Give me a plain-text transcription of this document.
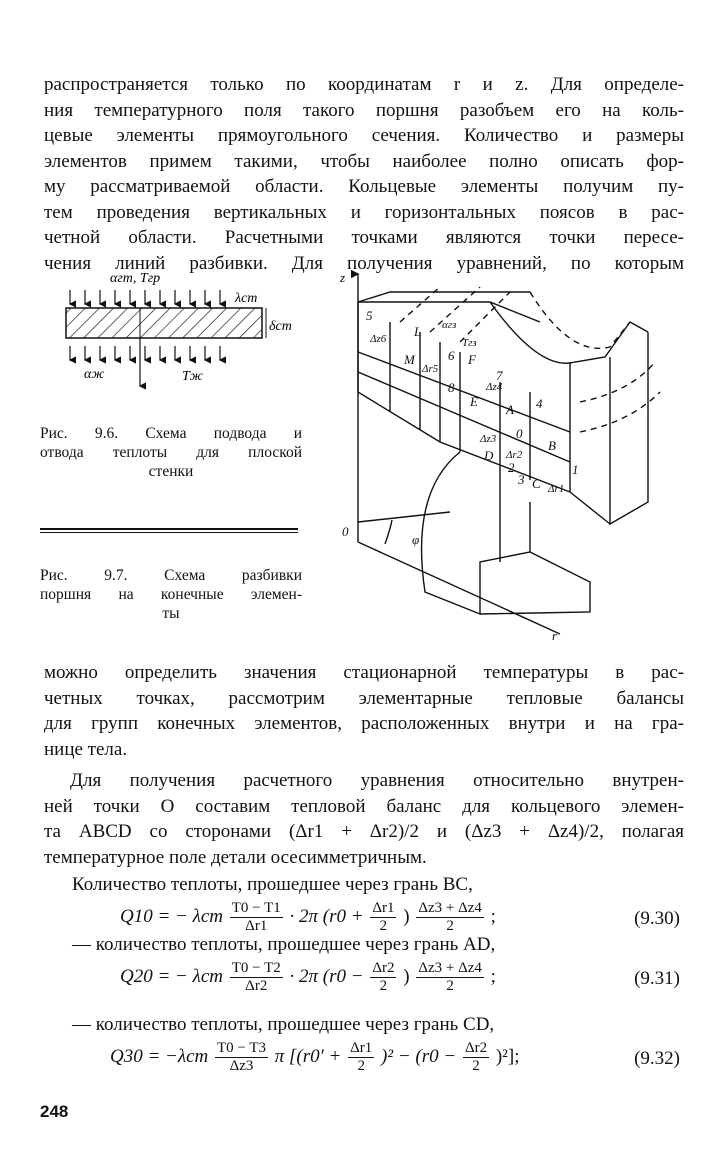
распространяется только по координатам r и z. Для определе-
ния температурного поля такого поршня разобъем его на коль-
цевые элементы прямоугольного сечения. Количество и размеры
элементов примем такими, чтобы наиболее полно описать фор-
му рассматриваемой области. Кольцевые элементы получим пу-
тем проведения вертикальных и горизонтальных поясов в рас-
четной области. Расчетными точками являются точки пересе-
чения линий разбивки. Для получения уравнений, по которым
αгm, Tгр
λcm
δcm
αж	Tж
Рис. 9.6. Схема подвода и
отвода теплоты для плоской
стенки
Рис. 9.7. Схема разбивки
поршня на конечные элемен-
ты
z
r
0
φ
5
L
M	6 F
7
8
E
A 4
B
0
D
2
C
3
1
Δz6
Δr5
Δz4
Δz3
Δr2
Δr1
αгз
Tгз
можно определить значения стационарной температуры в рас-
четных точках, рассмотрим элементарные тепловые балансы
для групп конечных элементов, расположенных внутри и на гра-
нице тела.
Для получения расчетного уравнения относительно внутрен-
ней точки O составим тепловой баланс для кольцевого элемен-
та ABCD со сторонами (Δr1 + Δr2)/2 и (Δz3 + Δz4)/2, полагая
температурное поле детали осесимметричным.
Количество теплоты, прошедшее через грань BC,
Q10 = − λст $\frac{T0 - T1}{\Delta r1} \cdot 2\pi$ ($r0 + \frac{\Delta r1}{2}$ ) $\frac{\Delta z3 + \Delta z4}{2}$ ;	(9.30)
— количество теплоты, прошедшее через грань AD,
Q20 = − λст $\frac{T0 - T2}{\Delta r2} \cdot 2\pi$ ($r0 - \frac{\Delta r2}{2}$ ) $\frac{\Delta z3 + \Delta z4}{2}$ ;	(9.31)
— количество теплоты, прошедшее через грань CD,
$Q30 = -\lambda ст \frac{T0 - T3}{\Delta z3}$ π $[(r0' + \frac{\Delta r1}{2} )^2 - (r0 - \frac{\Delta r2}{2} )^2]$;	(9.32)
248
